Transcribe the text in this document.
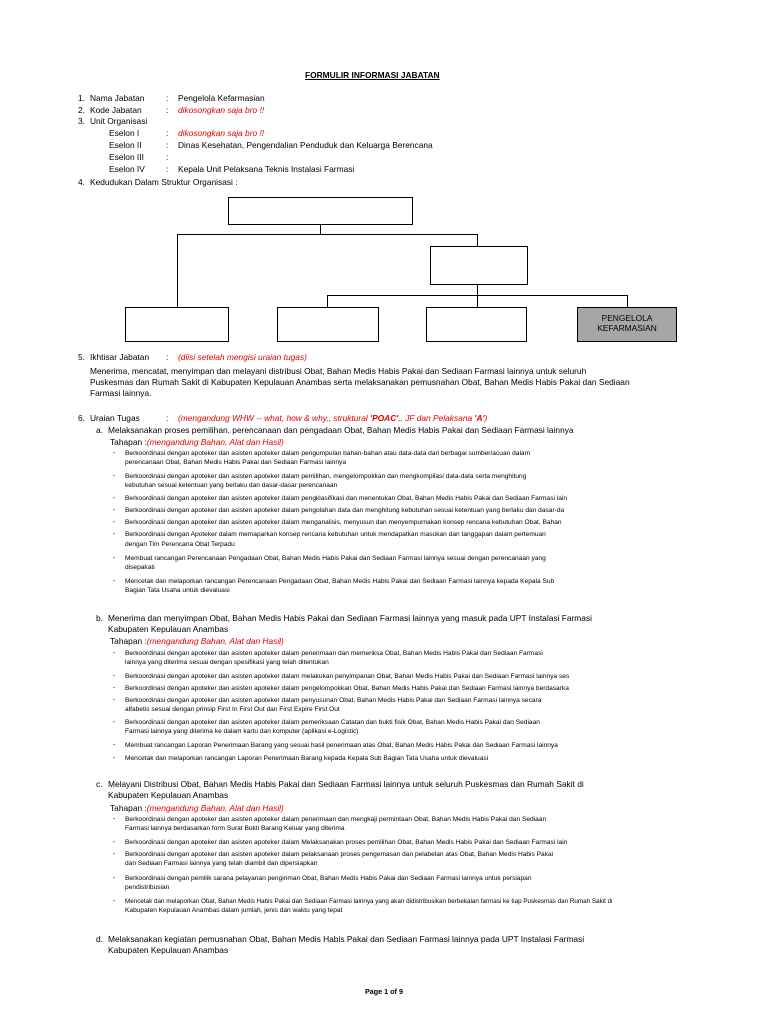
FORMULIR INFORMASI JABATAN
1. Nama Jabatan	: Pengelola Kefarmasian
2. Kode Jabatan	: dikosongkan saja bro !!
3. Unit Organisasi
Eselon I	: dikosongkan saja bro !!
Eselon II	: Dinas Kesehatan, Pengendalian Penduduk dan Keluarga Berencana
Eselon III	:
Eselon IV	: Kepala Unit Pelaksana Teknis Instalasi Farmasi
4. Kedudukan Dalam Struktur Organisasi :
PENGELOLA
KEFARMASIAN
5. Ikhtisar Jabatan : (diisi setelah mengisi uraian tugas)
Menerima, mencatat, menyimpan dan melayani distribusi Obat, Bahan Medis Habis Pakai dan Sediaan Farmasi lainnya untuk seluruh
Puskesmas dan Rumah Sakit di Kabupaten Kepulauan Anambas serta melaksanakan pemusnahan Obat, Bahan Medis Habis Pakai dan Sediaan
Farmasi lainnya.
6. Uraian Tugas	: (mengandung WHW -- what, how & why,, struktural 'POAC',, JF dan Pelaksana 'A')
a. Melaksanakan proses pemilihan, perencanaan dan pengadaan Obat, Bahan Medis Habis Pakai dan Sediaan Farmasi lainnya
Tahapan :(mengandung Bahan, Alat dan Hasil)
- Berkoordinasi dengan apoteker dan asisten apoteker dalam pengumpulan bahan-bahan atau data-data dari berbagai sumber/acuan dalam
perencanaan Obat, Bahan Medis Habis Pakai dan Sediaan Farmasi lainnya
- Berkoordinasi dengan apoteker dan asisten apoteker dalam pemilihan, mengelompokkan dan mengkompilasi data-data serta menghitung
kebutuhan sesuai ketentuan yang berlaku dan dasar-dasar perencanaan
- Berkoordinasi dengan apoteker dan asisten apoteker dalam pengklasifikasi dan menentukan Obat, Bahan Medis Habis Pakai dan Sediaan Farmasi lain
- Berkoordinasi dengan apoteker dan asisten apoteker dalam pengolahan data dan menghitung kebutuhan sesuai ketentuan yang berlaku dan dasar-da
- Berkoordinasi dengan apoteker dan asisten apoteker dalam menganalisis, menyusun dan menyempurnakan konsep rencana kebutuhan Obat, Bahan
- Berkoordinasi dengan Apoteker dalam memaparkan konsep rencana kebutuhan untuk mendapatkan masukan dan tanggapan dalam pertemuan
dengan Tim Perencana Obat Terpadu
- Membuat rancangan Perencanaan Pengadaan Obat, Bahan Medis Habis Pakai dan Sediaan Farmasi lainnya sesuai dengan perencanaan yang
disepakati
- Mencetak dan melaporkan rancangan Perencanaan Pengadaan Obat, Bahan Medis Habis Pakai dan Sediaan Farmasi lainnya kepada Kepala Sub
Bagian Tata Usaha untuk dievaluasi
b. Menerima dan menyimpan Obat, Bahan Medis Habis Pakai dan Sediaan Farmasi lainnya yang masuk pada UPT Instalasi Farmasi
Kabupaten Kepulauan Anambas
Tahapan :(mengandung Bahan, Alat dan Hasil)
- Berkoordinasi dengan apoteker dan asisten apoteker dalam penerimaan dan memeriksa Obat, Bahan Medis Habis Pakai dan Sediaan Farmasi
lainnya yang diterima sesuai dengan spesifikasi yang telah ditentukan
- Berkoordinasi dengan apoteker dan asisten apoteker dalam melakukan penyimpanan Obat, Bahan Medis Habis Pakai dan Sediaan Farmasi lainnya ses
- Berkoordinasi dengan apoteker dan asisten apoteker dalam pengelompokkan Obat, Bahan Medis Habis Pakai dan Sediaan Farmasi lainnya berdasarka
- Berkoordinasi dengan apoteker dan asisten apoteker dalam penyusunan Obat, Bahan Medis Habis Pakai dan Sediaan Farmasi lainnya secara
alfabetis sesuai dengan prinsip First In First Out dan First Expire First Out
- Berkoordinasi dengan apoteker dan asisten apoteker dalam pemeriksaan Catatan dan bukti fisik Obat, Bahan Medis Habis Pakai dan Sediaan
Farmasi lainnya yang diterima ke dalam kartu dan komputer (aplikasi e-Logistic)
- Membuat rancangan Laporan Penerimaan Barang yang sesuai hasil penerimaan atas Obat, Bahan Medis Habis Pakai dan Sediaan Farmasi lainnya
- Mencetak dan melaporkan rancangan Laporan Penerimaan Barang kepada Kepala Sub Bagian Tata Usaha untuk dievaluasi
c. Melayani Distribusi Obat, Bahan Medis Habis Pakai dan Sediaan Farmasi lainnya untuk seluruh Puskesmas dan Rumah Sakit di
Kabupaten Kepulauan Anambas
Tahapan :(mengandung Bahan, Alat dan Hasil)
- Berkoordinasi dengan apoteker dan asisten apoteker dalam penerimaan dan mengkaji permintaan Obat, Bahan Medis Habis Pakai dan Sediaan
Farmasi lainnya berdasarkan form Surat Bukti Barang Keluar yang diterima
- Berkoordinasi dengan apoteker dan asisten apoteker dalam Melaksanakan proses pemilihan Obat, Bahan Medis Habis Pakai dan Sediaan Farmasi lain
- Berkoordinasi dengan apoteker dan asisten apoteker dalam pelaksanaan proses pengemasan dan pelabelan atas Obat, Bahan Medis Habis Pakai
dan Sediaan Farmasi lainnya yang telah diambil dan dipersiapkan
- Berkoordinasi dengan pemilik sarana pelayanan pengiriman Obat, Bahan Medis Habis Pakai dan Sediaan Farmasi lainnya untuk persiapan
pendistribusian
- Mencetak dan melaporkan Obat, Bahan Medis Habis Pakai dan Sediaan Farmasi lainnya yang akan didistribusikan berbekalan farmasi ke tiap Puskesmas dan Rumah Sakit di
Kabupaten Kepulauan Anambas dalam jumlah, jenis dan waktu yang tepat
d. Melaksanakan kegiatan pemusnahan Obat, Bahan Medis Habis Pakai dan Sediaan Farmasi lainnya pada UPT Instalasi Farmasi
Kabupaten Kepulauan Anambas
Page 1 of 9
